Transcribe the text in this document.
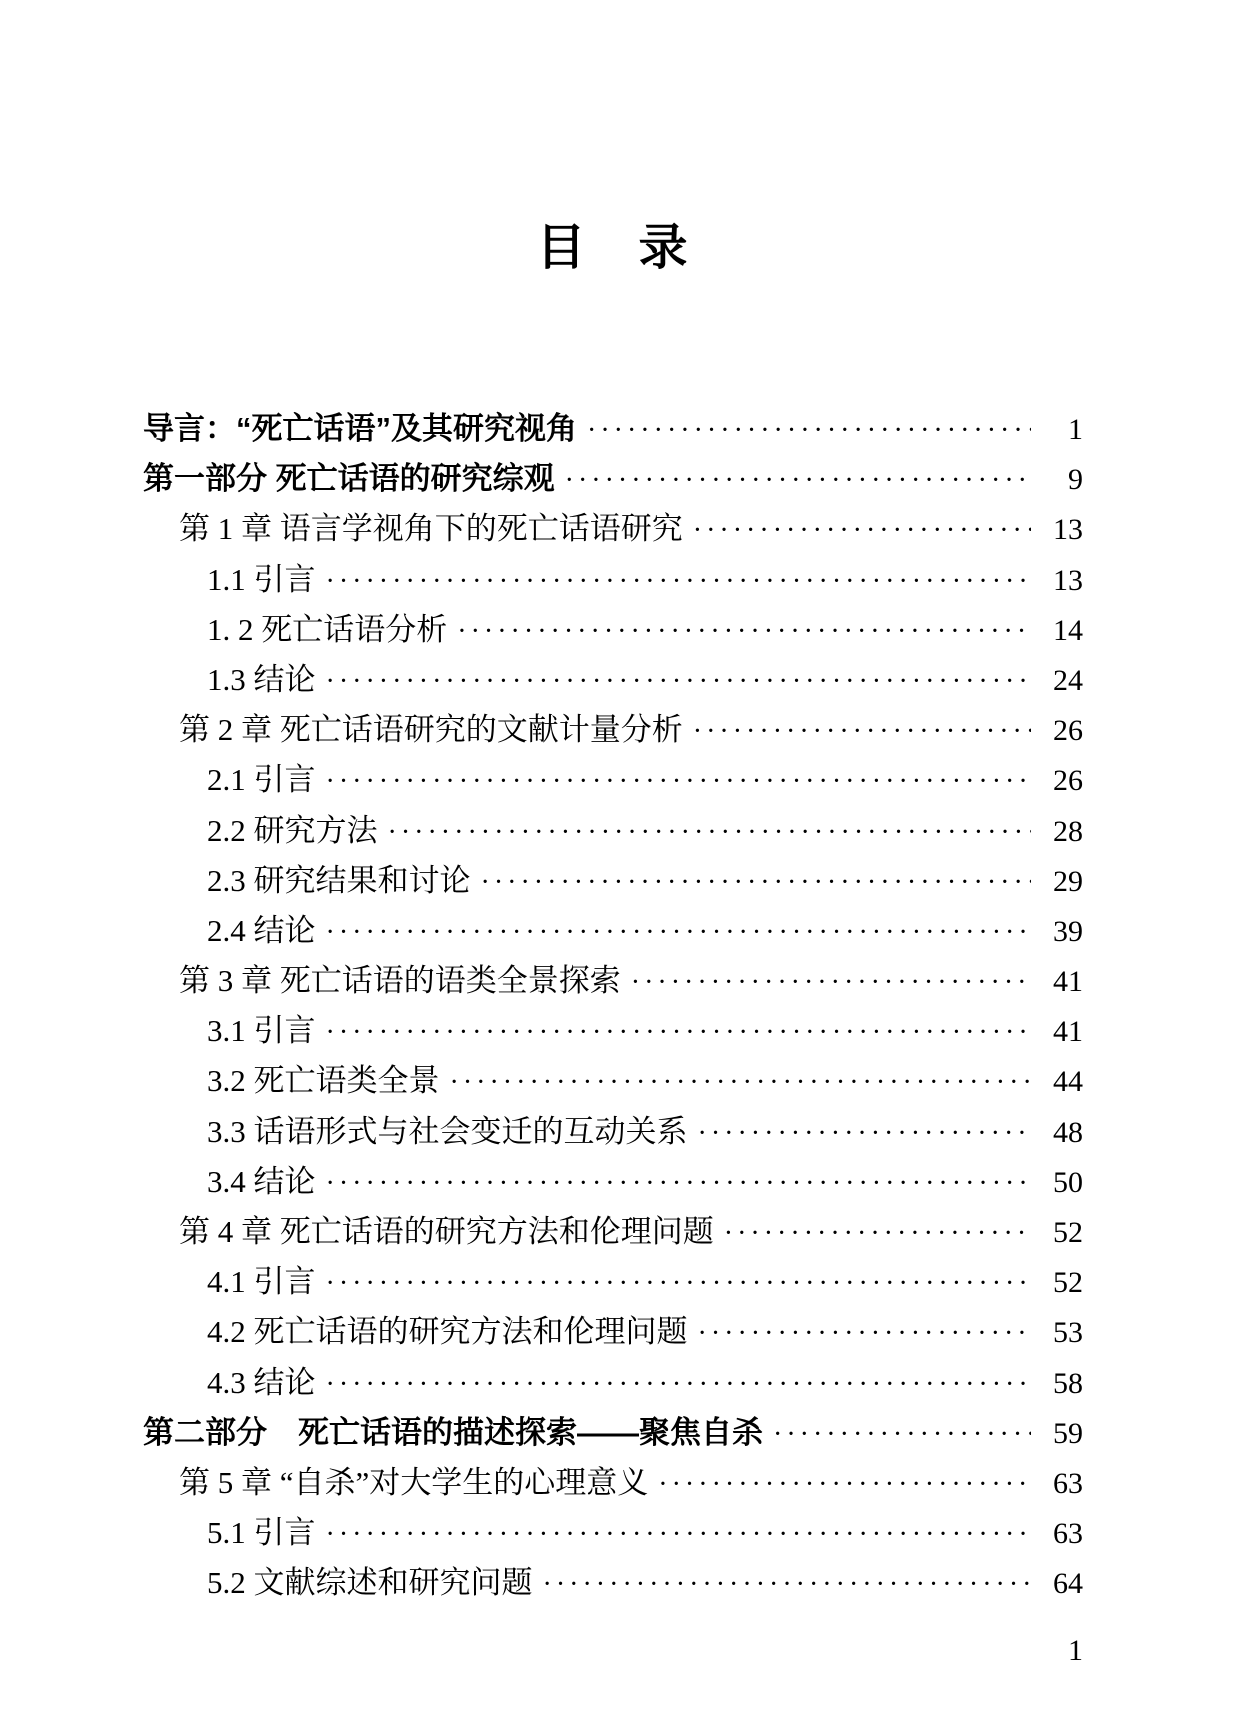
目　录
导言：“死亡话语”及其研究视角 ·····	1
第一部分 死亡话语的研究综观 ·····	9
第 1 章 语言学视角下的死亡话语研究 ·····	13
1.1 引言 ·····	13
1. 2 死亡话语分析 ·····	14
1.3 结论 ·····	24
第 2 章 死亡话语研究的文献计量分析 ·····	26
2.1 引言 ·····	26
2.2 研究方法 ·····	28
2.3 研究结果和讨论 ·····	29
2.4 结论 ·····	39
第 3 章 死亡话语的语类全景探索 ·····	41
3.1 引言 ·····	41
3.2 死亡语类全景 ·····	44
3.3 话语形式与社会变迁的互动关系 ·····	48
3.4 结论 ·····	50
第 4 章 死亡话语的研究方法和伦理问题 ·····	52
4.1 引言 ·····	52
4.2 死亡话语的研究方法和伦理问题 ·····	53
4.3 结论 ·····	58
第二部分　死亡话语的描述探索——聚焦自杀 ·····	59
第 5 章 “自杀”对大学生的心理意义 ·····	63
5.1 引言 ·····	63
5.2 文献综述和研究问题 ·····	64
1
